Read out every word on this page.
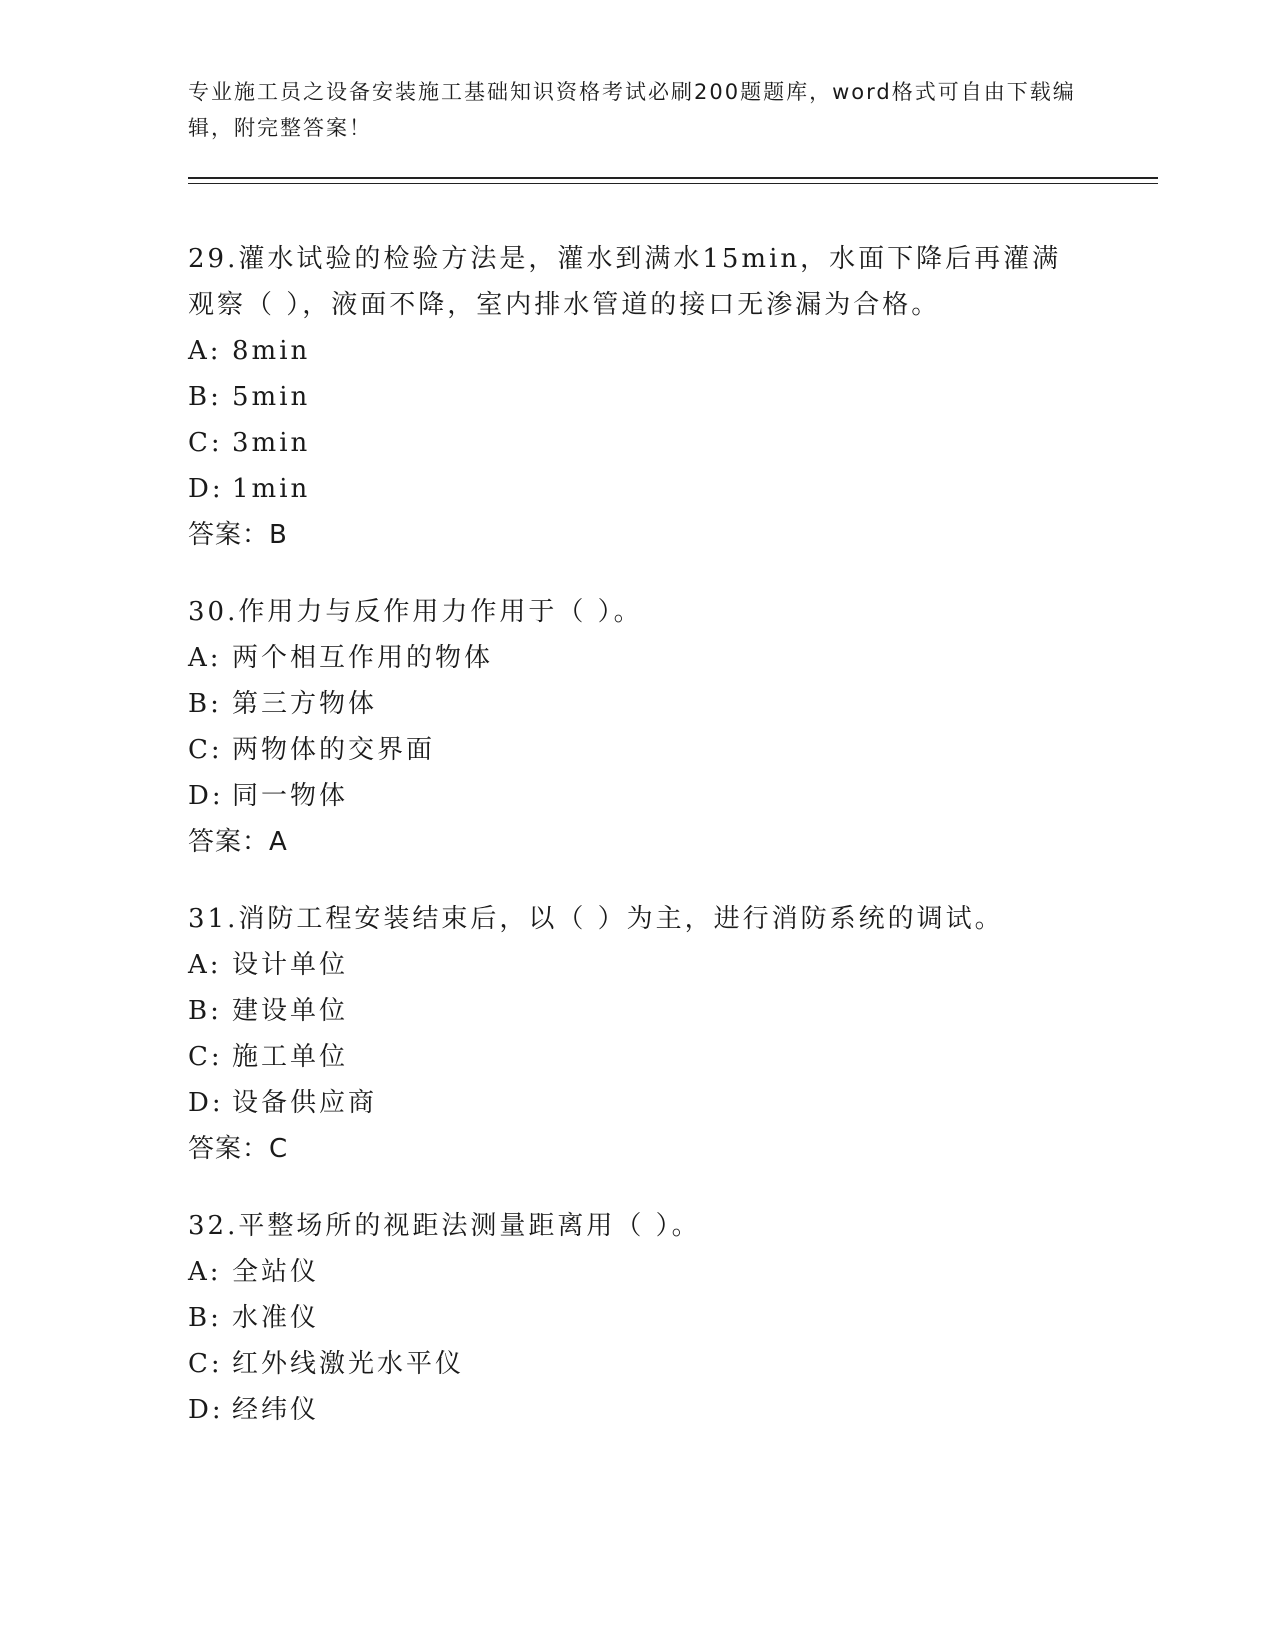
专业施工员之设备安装施工基础知识资格考试必刷200题题库，word格式可自由下载编辑，附完整答案！
29.灌水试验的检验方法是，灌水到满水15min，水面下降后再灌满观察（ ），液面不降，室内排水管道的接口无渗漏为合格。
A: 8min
B: 5min
C: 3min
D: 1min
答案：B
30.作用力与反作用力作用于（ ）。
A: 两个相互作用的物体
B: 第三方物体
C: 两物体的交界面
D: 同一物体
答案：A
31.消防工程安装结束后，以（ ）为主，进行消防系统的调试。
A: 设计单位
B: 建设单位
C: 施工单位
D: 设备供应商
答案：C
32.平整场所的视距法测量距离用（ ）。
A: 全站仪
B: 水准仪
C: 红外线激光水平仪
D: 经纬仪
